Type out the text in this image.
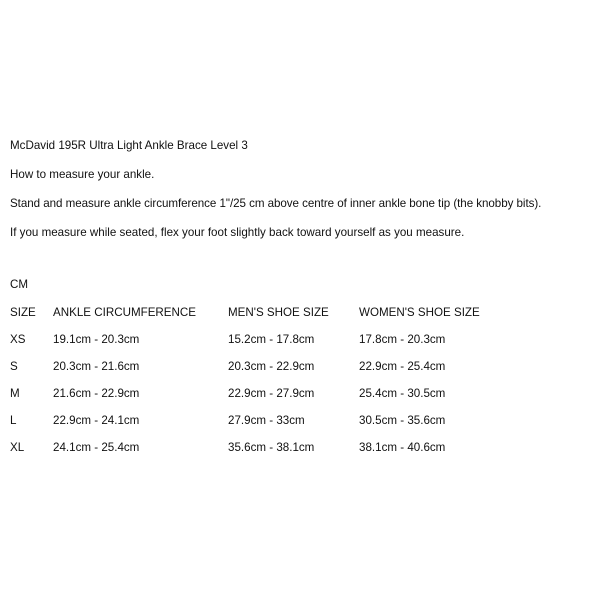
McDavid 195R Ultra Light Ankle Brace Level 3
How to measure your ankle.
Stand and measure ankle circumference 1"/25 cm above centre of inner ankle bone tip (the knobby bits).
If you measure while seated, flex your foot slightly back toward yourself as you measure.
CM
SIZE	ANKLE CIRCUMFERENCE	MEN'S SHOE SIZE	WOMEN'S SHOE SIZE
XS	19.1cm - 20.3cm	15.2cm - 17.8cm	17.8cm - 20.3cm
S	20.3cm - 21.6cm	20.3cm - 22.9cm	22.9cm - 25.4cm
M	21.6cm - 22.9cm	22.9cm - 27.9cm	25.4cm - 30.5cm
L	22.9cm - 24.1cm	27.9cm - 33cm	30.5cm - 35.6cm
XL	24.1cm - 25.4cm	35.6cm - 38.1cm	38.1cm - 40.6cm
